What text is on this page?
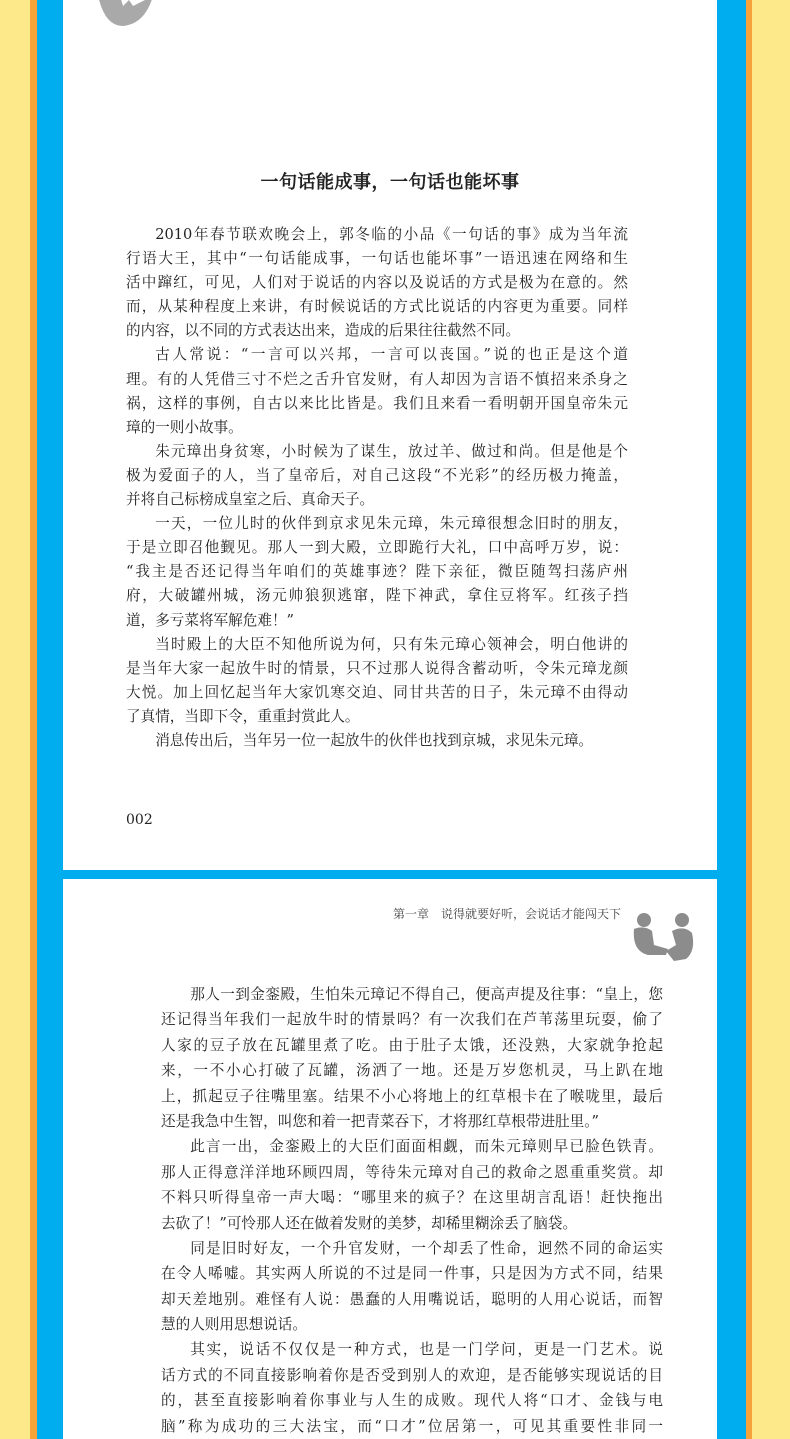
一句话能成事，一句话也能坏事
2010年春节联欢晚会上，郭冬临的小品《一句话的事》成为当年流
行语大王，其中“一句话能成事，一句话也能坏事”一语迅速在网络和生
活中蹿红，可见，人们对于说话的内容以及说话的方式是极为在意的。然
而，从某种程度上来讲，有时候说话的方式比说话的内容更为重要。同样
的内容，以不同的方式表达出来，造成的后果往往截然不同。
古人常说：“一言可以兴邦，一言可以丧国。”说的也正是这个道
理。有的人凭借三寸不烂之舌升官发财，有人却因为言语不慎招来杀身之
祸，这样的事例，自古以来比比皆是。我们且来看一看明朝开国皇帝朱元
璋的一则小故事。
朱元璋出身贫寒，小时候为了谋生，放过羊、做过和尚。但是他是个
极为爱面子的人，当了皇帝后，对自己这段“不光彩”的经历极力掩盖，
并将自己标榜成皇室之后、真命天子。
一天，一位儿时的伙伴到京求见朱元璋，朱元璋很想念旧时的朋友，
于是立即召他觐见。那人一到大殿，立即跪行大礼，口中高呼万岁，说：
“我主是否还记得当年咱们的英雄事迹？陛下亲征，微臣随驾扫荡庐州
府，大破罐州城，汤元帅狼狈逃窜，陛下神武，拿住豆将军。红孩子挡
道，多亏菜将军解危难！”
当时殿上的大臣不知他所说为何，只有朱元璋心领神会，明白他讲的
是当年大家一起放牛时的情景，只不过那人说得含蓄动听，令朱元璋龙颜
大悦。加上回忆起当年大家饥寒交迫、同甘共苦的日子，朱元璋不由得动
了真情，当即下令，重重封赏此人。
消息传出后，当年另一位一起放牛的伙伴也找到京城，求见朱元璋。
002
第一章　说得就要好听，会说话才能闯天下
那人一到金銮殿，生怕朱元璋记不得自己，便高声提及往事：“皇上，您
还记得当年我们一起放牛时的情景吗？有一次我们在芦苇荡里玩耍，偷了
人家的豆子放在瓦罐里煮了吃。由于肚子太饿，还没熟，大家就争抢起
来，一不小心打破了瓦罐，汤洒了一地。还是万岁您机灵，马上趴在地
上，抓起豆子往嘴里塞。结果不小心将地上的红草根卡在了喉咙里，最后
还是我急中生智，叫您和着一把青菜吞下，才将那红草根带进肚里。”
此言一出，金銮殿上的大臣们面面相觑，而朱元璋则早已脸色铁青。
那人正得意洋洋地环顾四周，等待朱元璋对自己的救命之恩重重奖赏。却
不料只听得皇帝一声大喝：“哪里来的疯子？在这里胡言乱语！赶快拖出
去砍了！”可怜那人还在做着发财的美梦，却稀里糊涂丢了脑袋。
同是旧时好友，一个升官发财，一个却丢了性命，迥然不同的命运实
在令人唏嘘。其实两人所说的不过是同一件事，只是因为方式不同，结果
却天差地别。难怪有人说：愚蠢的人用嘴说话，聪明的人用心说话，而智
慧的人则用思想说话。
其实，说话不仅仅是一种方式，也是一门学问，更是一门艺术。说
话方式的不同直接影响着你是否受到别人的欢迎，是否能够实现说话的目
的，甚至直接影响着你事业与人生的成败。现代人将“口才、金钱与电
脑”称为成功的三大法宝，而“口才”位居第一，可见其重要性非同一
